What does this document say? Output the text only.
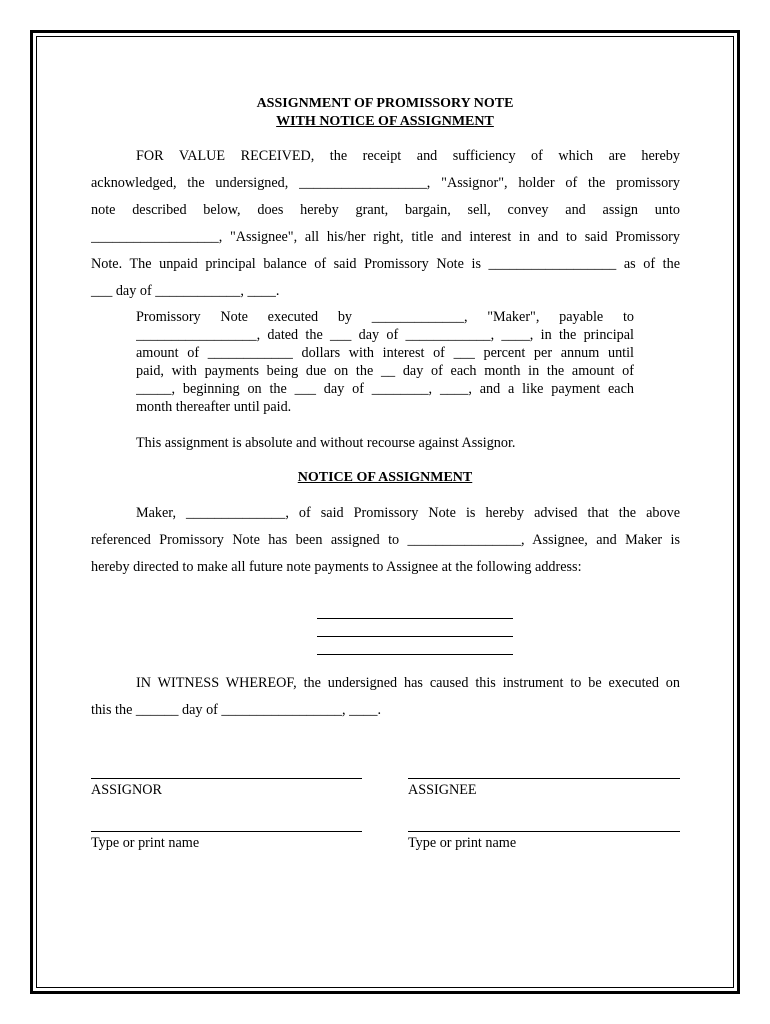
ASSIGNMENT OF PROMISSORY NOTE
WITH NOTICE OF ASSIGNMENT
FOR VALUE RECEIVED, the receipt and sufficiency of which are hereby
acknowledged, the undersigned, __________________, "Assignor", holder of the promissory
note described below, does hereby grant, bargain, sell, convey and assign unto
__________________, "Assignee", all his/her right, title and interest in and to said Promissory
Note. The unpaid principal balance of said Promissory Note is __________________ as of the
___ day of ____________, ____.
Promissory Note executed by _____________, "Maker", payable to
_________________, dated the ___ day of ____________, ____, in the principal
amount of ____________ dollars with interest of ___ percent per annum until
paid, with payments being due on the __ day of each month in the amount of
_____, beginning on the ___ day of ________, ____, and a like payment each
month thereafter until paid.
This assignment is absolute and without recourse against Assignor.
NOTICE OF ASSIGNMENT
Maker, ______________, of said Promissory Note is hereby advised that the above
referenced Promissory Note has been assigned to ________________, Assignee, and Maker is
hereby directed to make all future note payments to Assignee at the following address:
IN WITNESS WHEREOF, the undersigned has caused this instrument to be executed on
this the ______ day of _________________, ____.
ASSIGNOR	ASSIGNEE
Type or print name	Type or print name
